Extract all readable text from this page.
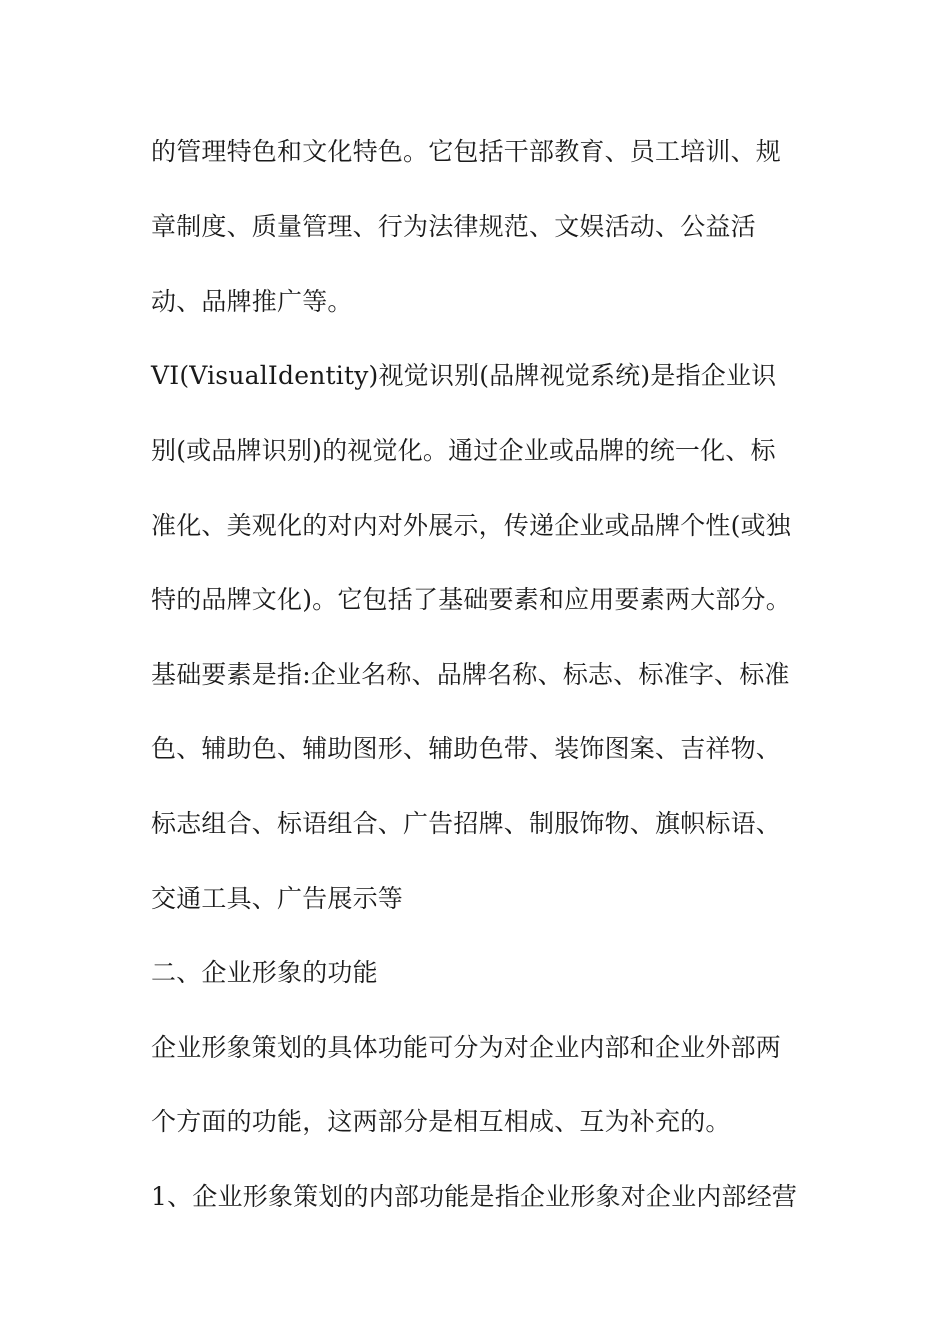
的管理特色和文化特色。它包括干部教育、员工培训、规
章制度、质量管理、行为法律规范、文娱活动、公益活
动、品牌推广等。
VI(VisualIdentity)视觉识别(品牌视觉系统)是指企业识
别(或品牌识别)的视觉化。通过企业或品牌的统一化、标
准化、美观化的对内对外展示，传递企业或品牌个性(或独
特的品牌文化)。它包括了基础要素和应用要素两大部分。
基础要素是指:企业名称、品牌名称、标志、标准字、标准
色、辅助色、辅助图形、辅助色带、装饰图案、吉祥物、
标志组合、标语组合、广告招牌、制服饰物、旗帜标语、
交通工具、广告展示等
二、企业形象的功能
企业形象策划的具体功能可分为对企业内部和企业外部两
个方面的功能，这两部分是相互相成、互为补充的。
1、企业形象策划的内部功能是指企业形象对企业内部经营
